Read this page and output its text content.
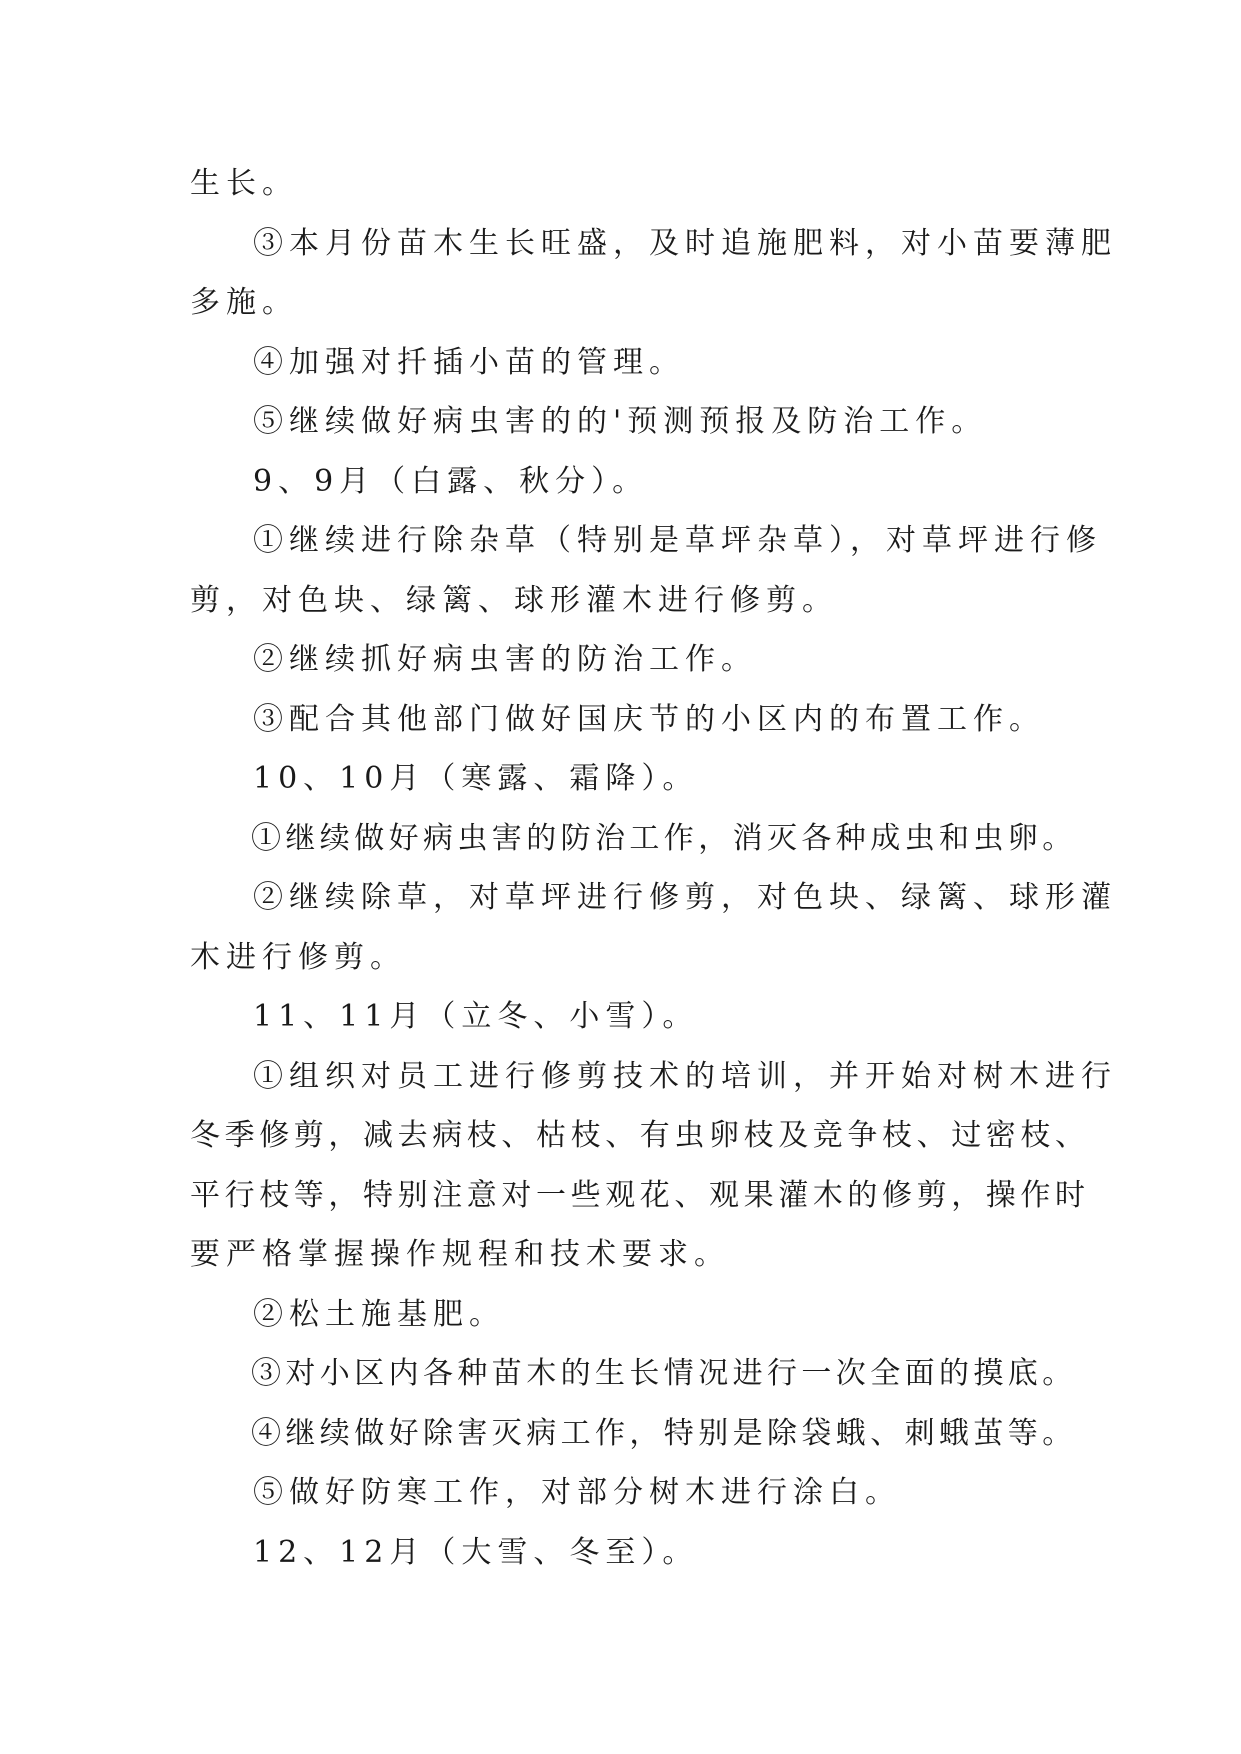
生长。
③本月份苗木生长旺盛，及时追施肥料，对小苗要薄肥
多施。
④加强对扦插小苗的管理。
⑤继续做好病虫害的的'预测预报及防治工作。
9、9月（白露、秋分）。
①继续进行除杂草（特别是草坪杂草），对草坪进行修
剪，对色块、绿篱、球形灌木进行修剪。
②继续抓好病虫害的防治工作。
③配合其他部门做好国庆节的小区内的布置工作。
10、10月（寒露、霜降）。
①继续做好病虫害的防治工作，消灭各种成虫和虫卵。
②继续除草，对草坪进行修剪，对色块、绿篱、球形灌
木进行修剪。
11、11月（立冬、小雪）。
①组织对员工进行修剪技术的培训，并开始对树木进行
冬季修剪，减去病枝、枯枝、有虫卵枝及竞争枝、过密枝、
平行枝等，特别注意对一些观花、观果灌木的修剪，操作时
要严格掌握操作规程和技术要求。
②松土施基肥。
③对小区内各种苗木的生长情况进行一次全面的摸底。
④继续做好除害灭病工作，特别是除袋蛾、刺蛾茧等。
⑤做好防寒工作，对部分树木进行涂白。
12、12月（大雪、冬至）。
